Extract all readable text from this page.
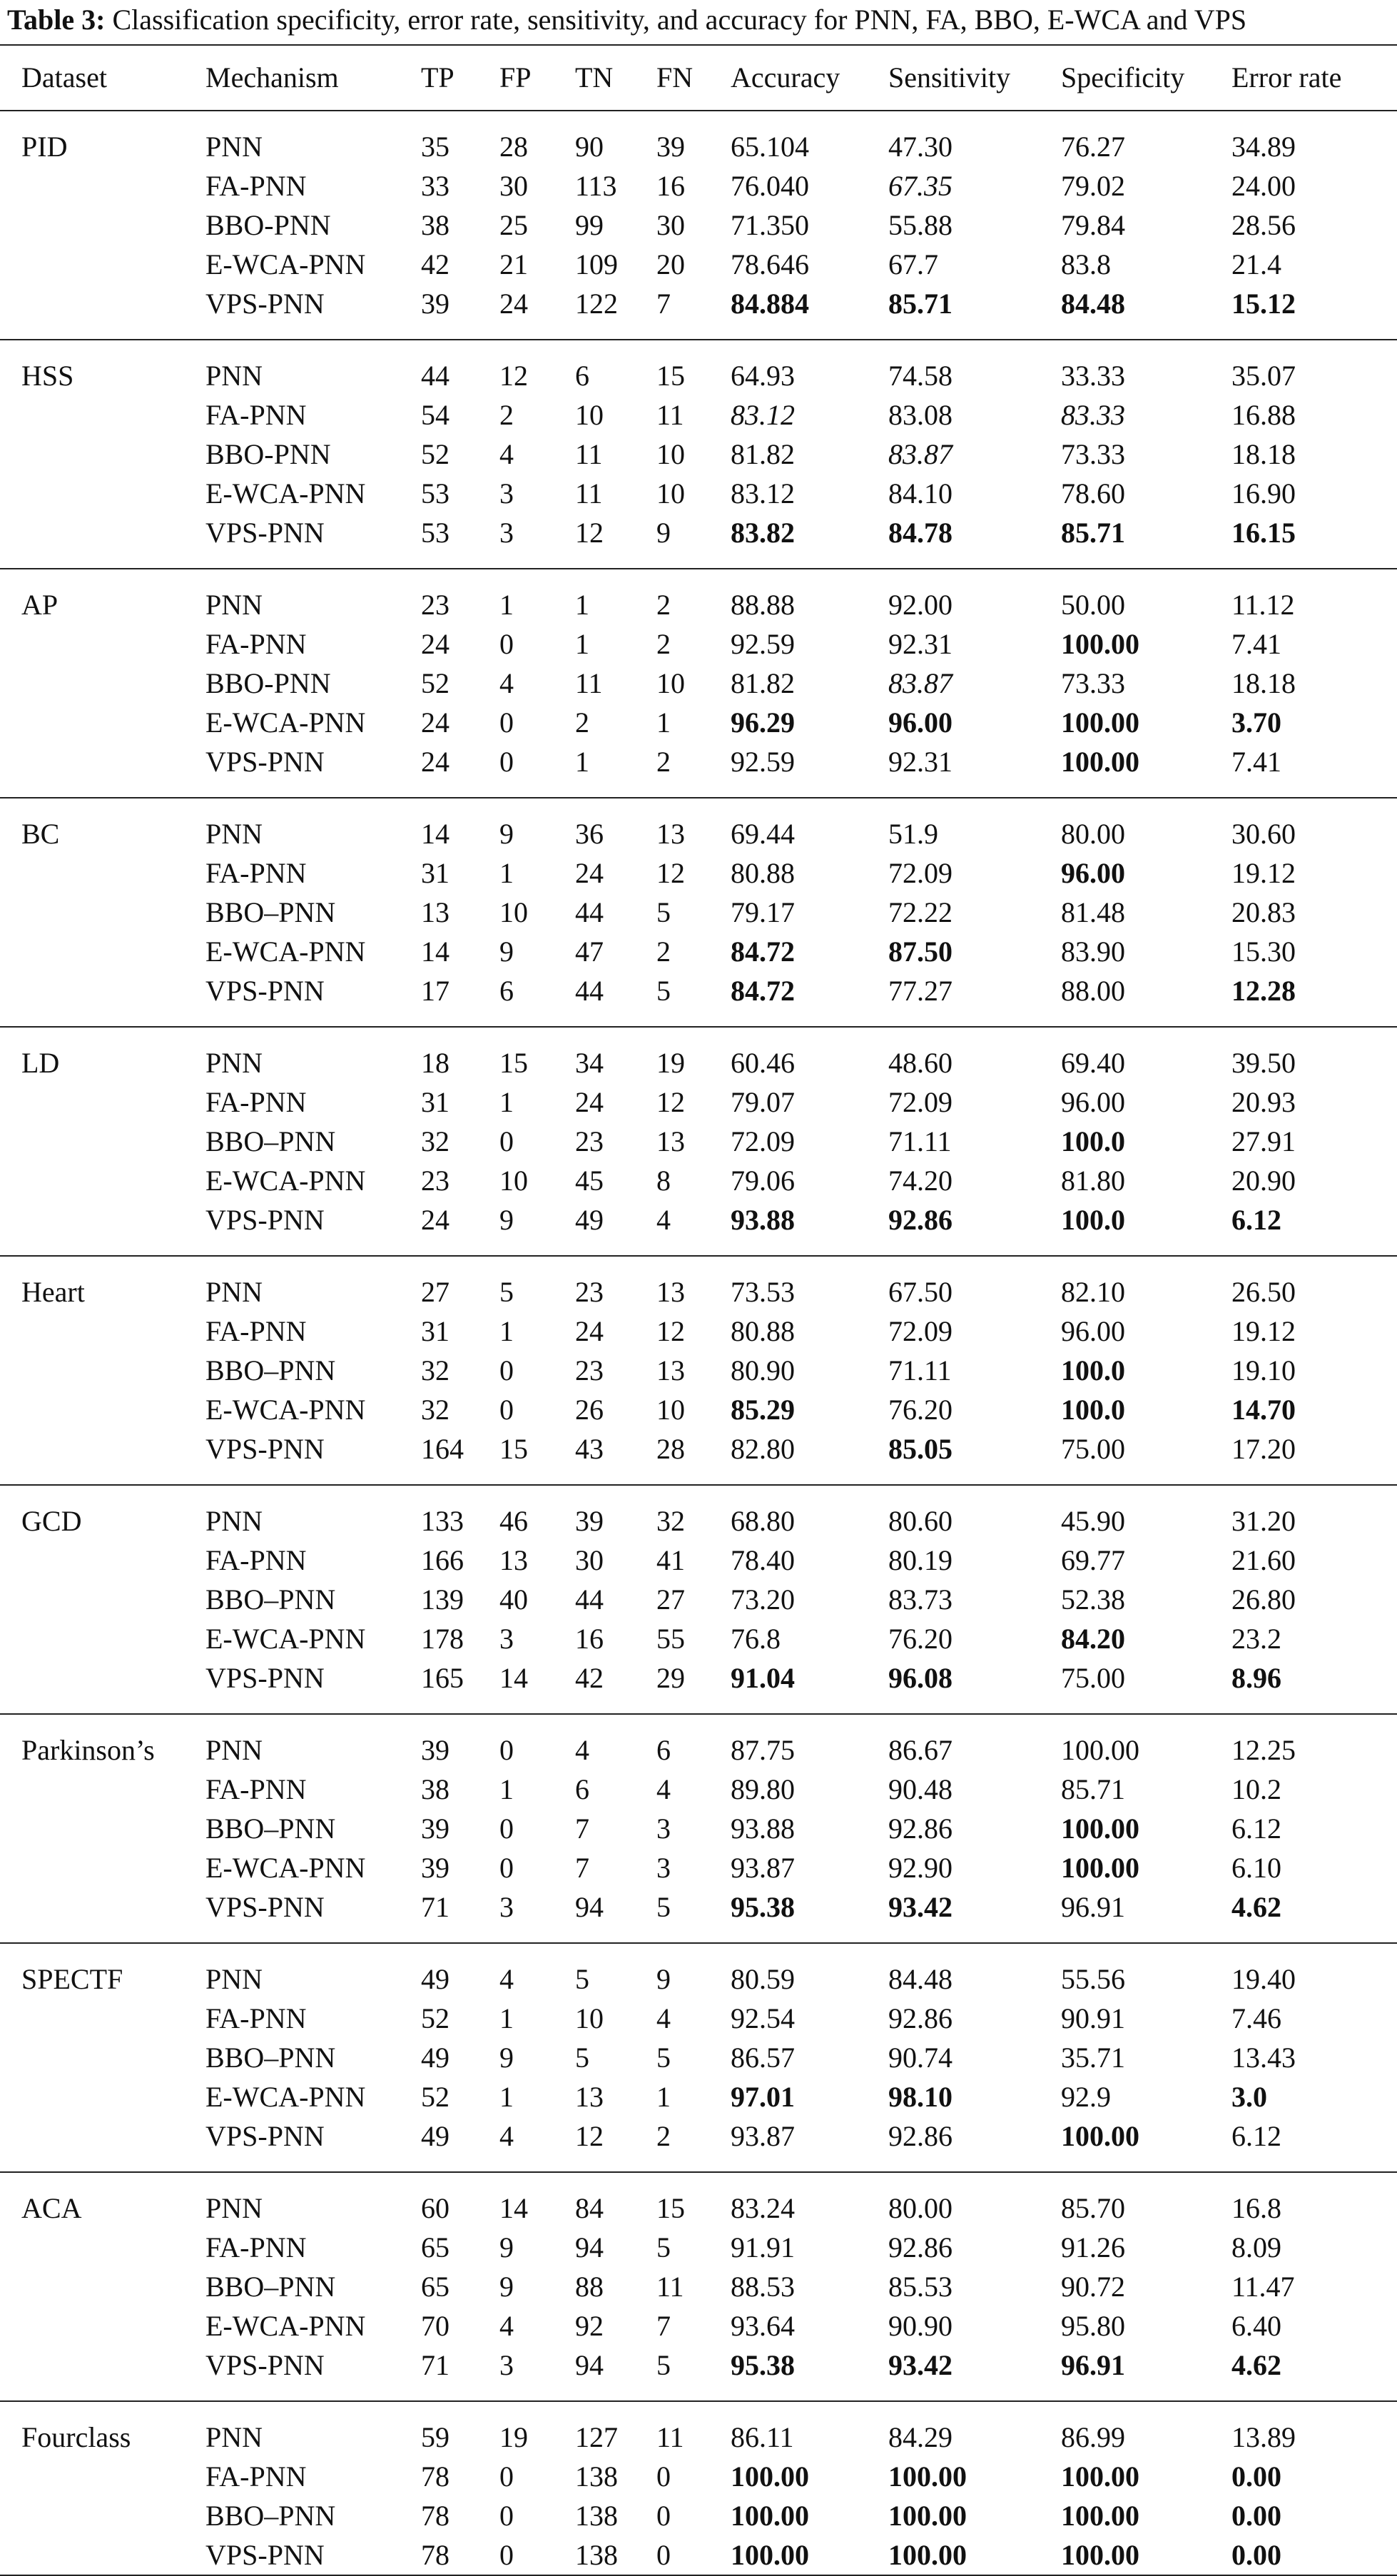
Table 3: Classification specificity, error rate, sensitivity, and accuracy for PNN, FA, BBO, E-WCA and VPS
Dataset	Mechanism	TP FP TN FN Accuracy Sensitivity Specificity Error rate
PID	PNN	35 28 90 39 65.104	47.30	76.27	34.89
FA-PNN	33 30 113 16 76.040	67.35	79.02	24.00
BBO-PNN	38 25 99 30 71.350	55.88	79.84	28.56
E-WCA-PNN 42 21 109 20 78.646	67.7	83.8	21.4
VPS-PNN	39 24 122 7 84.884	85.71	84.48	15.12
HSS	PNN	44 12 6 15 64.93	74.58	33.33	35.07
FA-PNN	54 2 10 11 83.12	83.08	83.33	16.88
BBO-PNN	52 4 11 10 81.82	83.87	73.33	18.18
E-WCA-PNN 53 3 11 10 83.12	84.10	78.60	16.90
VPS-PNN	53 3 12 9 83.82	84.78	85.71	16.15
AP	PNN	23 1 1 2 88.88	92.00	50.00	11.12
FA-PNN	24 0 1 2 92.59	92.31	100.00	7.41
BBO-PNN	52 4 11 10 81.82	83.87	73.33	18.18
E-WCA-PNN 24 0 2 1 96.29	96.00	100.00	3.70
VPS-PNN	24 0 1 2 92.59	92.31	100.00	7.41
BC	PNN	14 9 36 13 69.44	51.9	80.00	30.60
FA-PNN	31 1 24 12 80.88	72.09	96.00	19.12
BBO–PNN	13 10 44 5 79.17	72.22	81.48	20.83
E-WCA-PNN 14 9 47 2 84.72	87.50	83.90	15.30
VPS-PNN	17 6 44 5 84.72	77.27	88.00	12.28
LD	PNN	18 15 34 19 60.46	48.60	69.40	39.50
FA-PNN	31 1 24 12 79.07	72.09	96.00	20.93
BBO–PNN	32 0 23 13 72.09	71.11	100.0	27.91
E-WCA-PNN 23 10 45 8 79.06	74.20	81.80	20.90
VPS-PNN	24 9 49 4 93.88	92.86	100.0	6.12
Heart	PNN	27 5 23 13 73.53	67.50	82.10	26.50
FA-PNN	31 1 24 12 80.88	72.09	96.00	19.12
BBO–PNN	32 0 23 13 80.90	71.11	100.0	19.10
E-WCA-PNN 32 0 26 10 85.29	76.20	100.0	14.70
VPS-PNN	164 15 43 28 82.80	85.05	75.00	17.20
GCD	PNN	133 46 39 32 68.80	80.60	45.90	31.20
FA-PNN	166 13 30 41 78.40	80.19	69.77	21.60
BBO–PNN	139 40 44 27 73.20	83.73	52.38	26.80
E-WCA-PNN 178 3 16 55 76.8	76.20	84.20	23.2
VPS-PNN	165 14 42 29 91.04	96.08	75.00	8.96
Parkinson’s PNN	39 0 4 6 87.75	86.67	100.00	12.25
FA-PNN	38 1 6 4 89.80	90.48	85.71	10.2
BBO–PNN	39 0 7 3 93.88	92.86	100.00	6.12
E-WCA-PNN 39 0 7 3 93.87	92.90	100.00	6.10
VPS-PNN	71 3 94 5 95.38	93.42	96.91	4.62
SPECTF	PNN	49 4 5 9 80.59	84.48	55.56	19.40
FA-PNN	52 1 10 4 92.54	92.86	90.91	7.46
BBO–PNN	49 9 5 5 86.57	90.74	35.71	13.43
E-WCA-PNN 52 1 13 1 97.01	98.10	92.9	3.0
VPS-PNN	49 4 12 2 93.87	92.86	100.00	6.12
ACA	PNN	60 14 84 15 83.24	80.00	85.70	16.8
FA-PNN	65 9 94 5 91.91	92.86	91.26	8.09
BBO–PNN	65 9 88 11 88.53	85.53	90.72	11.47
E-WCA-PNN 70 4 92 7 93.64	90.90	95.80	6.40
VPS-PNN	71 3 94 5 95.38	93.42	96.91	4.62
Fourclass	PNN	59 19 127 11 86.11	84.29	86.99	13.89
FA-PNN	78 0 138 0 100.00	100.00	100.00	0.00
BBO–PNN	78 0 138 0 100.00	100.00	100.00	0.00
VPS-PNN	78 0 138 0 100.00	100.00	100.00	0.00
